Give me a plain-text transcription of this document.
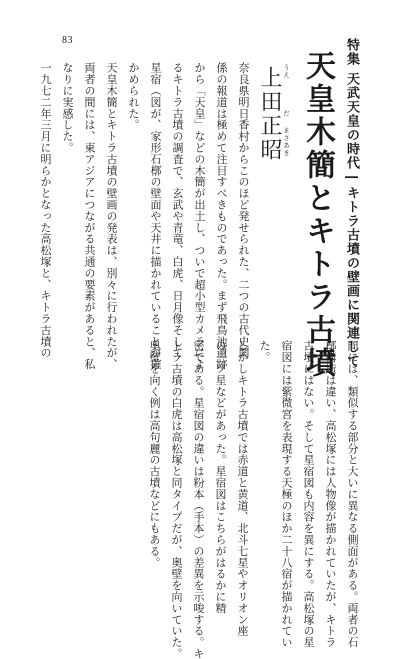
83	特集天武天皇の時代―キトラ古墳の壁画に関連して
天皇木簡とキトラ古墳
うえ
だ
まさあき
上田正昭

奈良県明日香村からこのほど発せられた、二つの古代史関

係の報道は極めて注目すべきものであった。まず飛鳥池遺跡

から「天皇」などの木簡が出土し、ついで超小型カメラによ

るキトラ古墳の調査で、玄武や青竜、白虎、日月像そして

星宿（図が、家形石槨の壁面や天井に描かれていることが確

かめられた。

天皇木簡とキトラ古墳の壁画の発表は、別々に行われたが、

両者の間には、東アジアにつながる共通の要素があると、私

なりに実感した。

一九七二年三月に明らかとなった高松塚と、キトラ古墳の

間には、類似する部分と大いに異なる側面がある。両者の石

槨構造は違い、高松塚には人物像が描かれていたが、キトラ

古墳にはない。そして星宿図も内容を異にする。高松塚の星

宿図には紫微宮を表現する天極のほか二十八宿が描かれてい

た。

しかしキトラ古墳では赤道と黄道、北斗七星やオリオン座

の三ツ星などがあった。星宿図はこちらがはるかに精

密である。星宿図の違いは粉本（手本）の差異を示唆する。キ

トラ古墳の白虎は高松塚と同タイプだが、奥壁を向いていた。

奥壁を向く例は高句麗の古墳などにもある。
